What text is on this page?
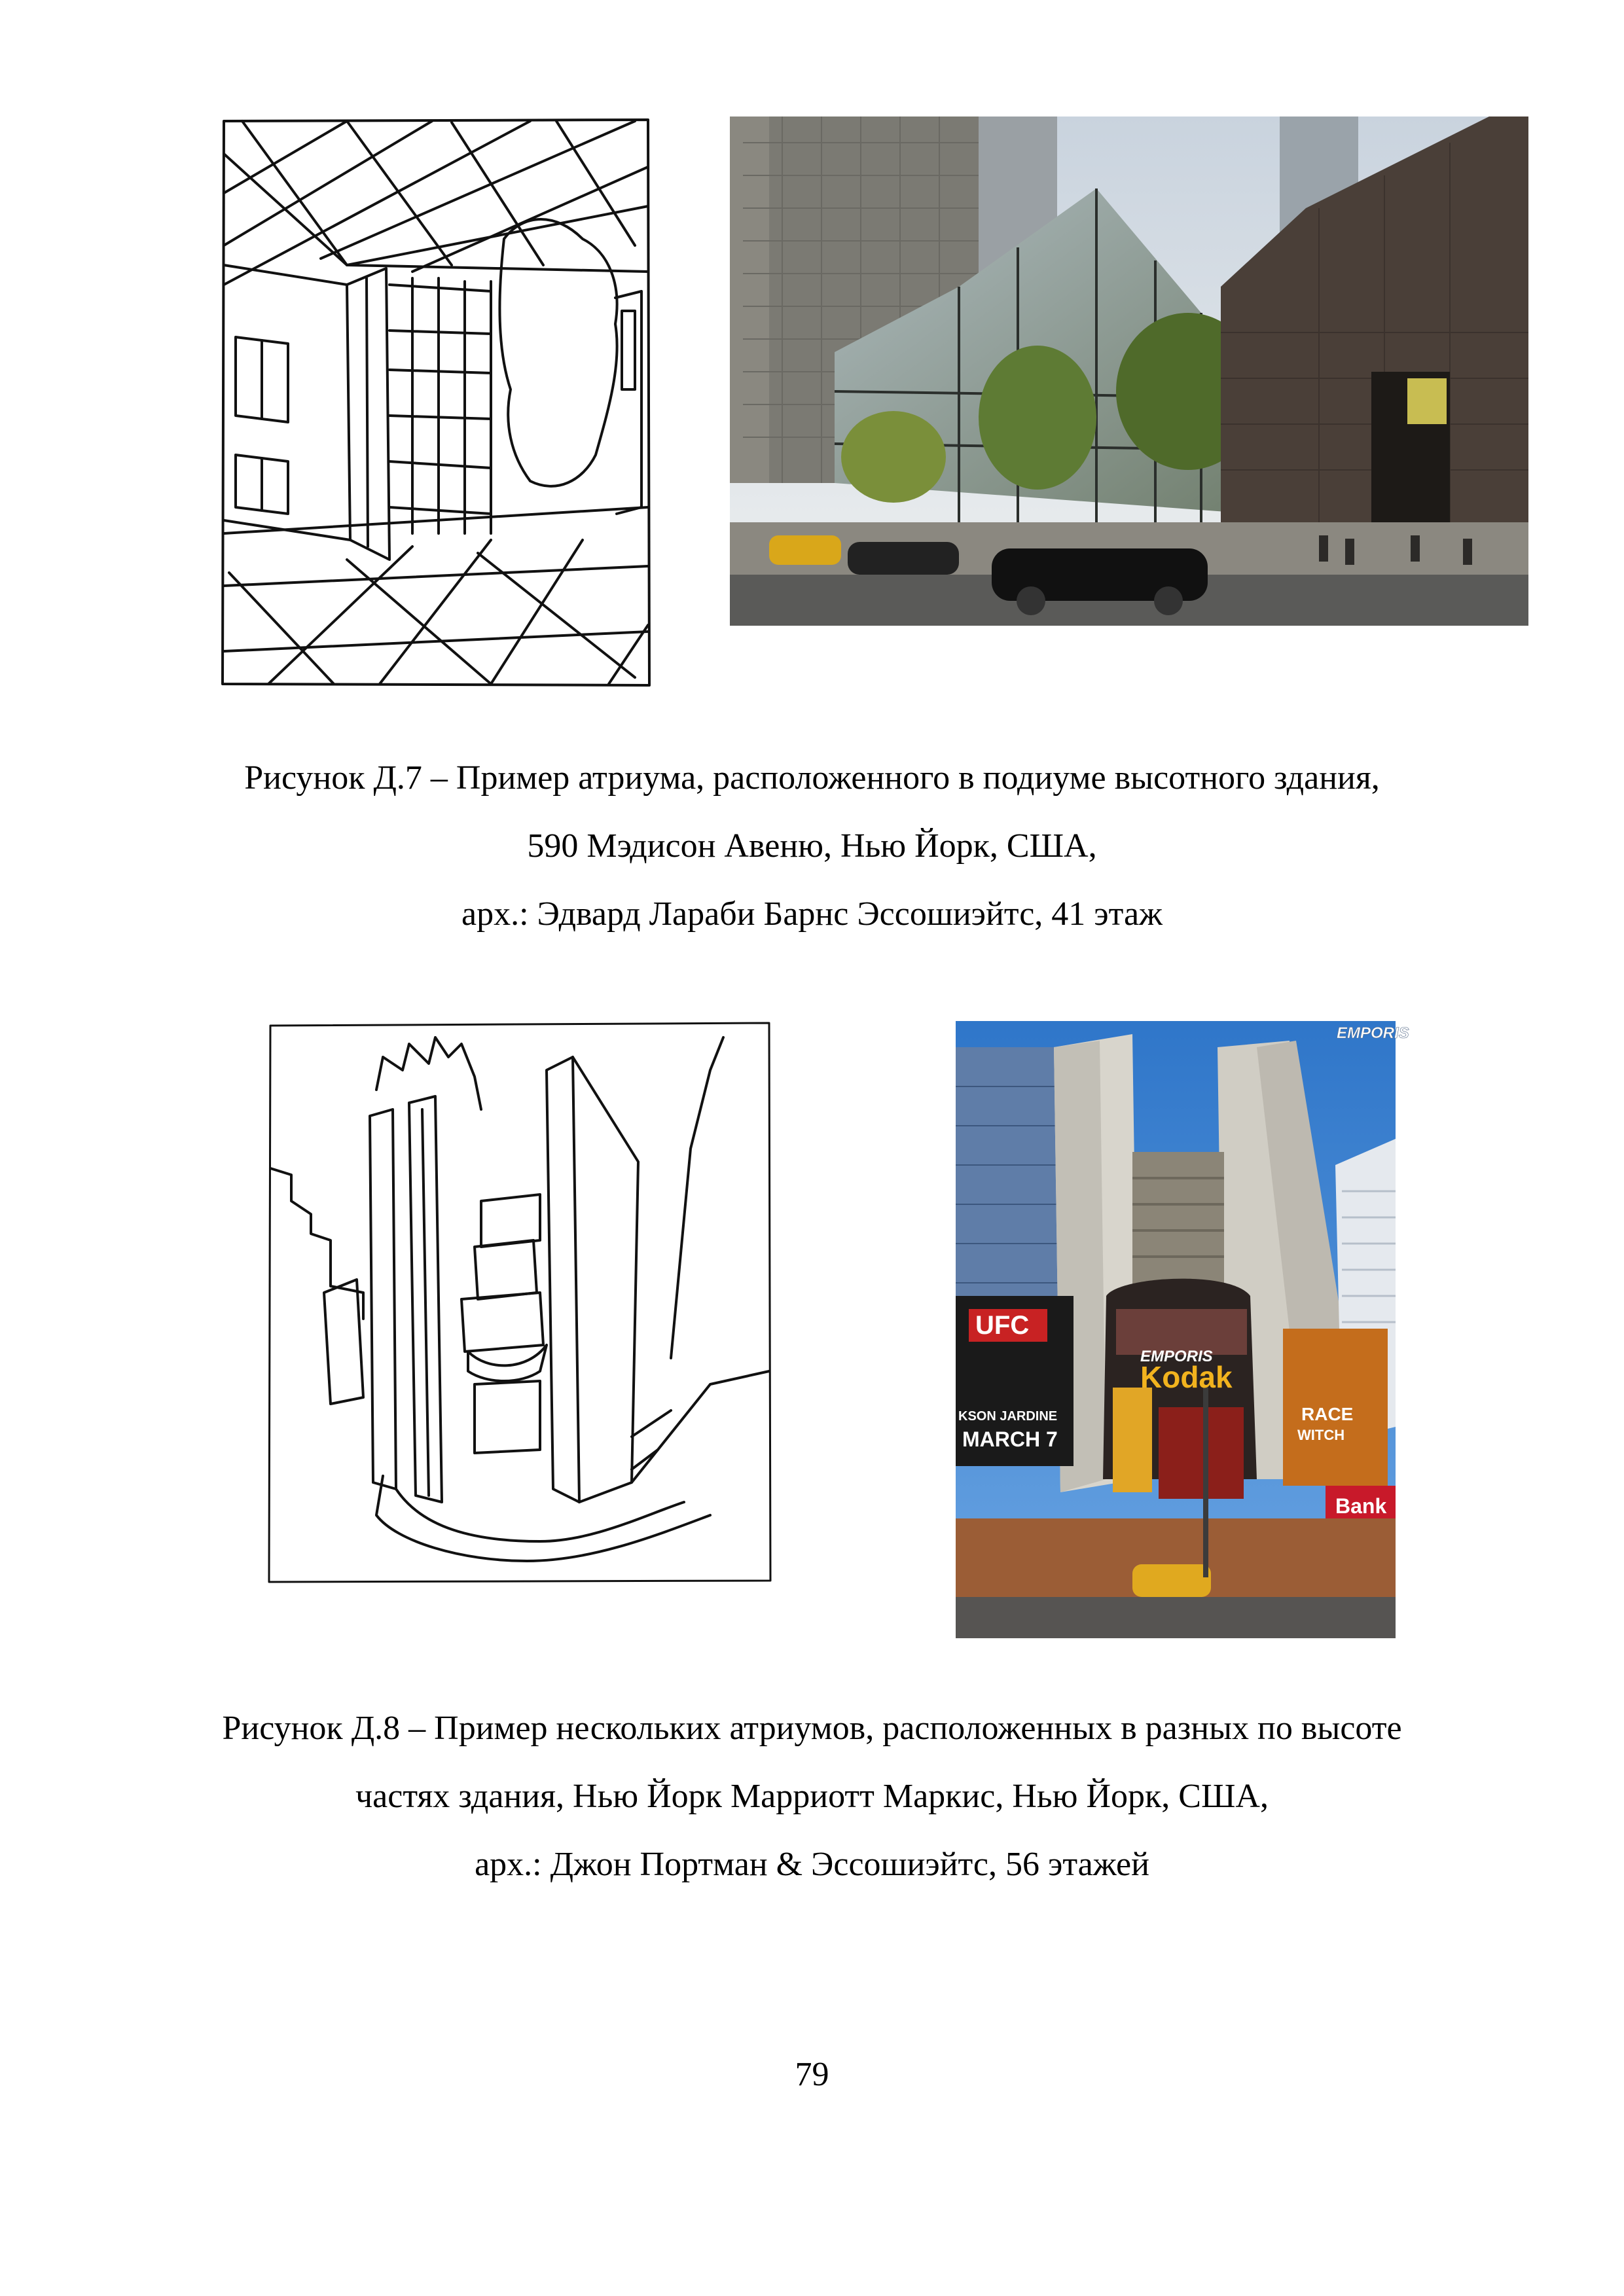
Рисунок Д.7 – Пример атриума, расположенного в подиуме высотного здания,
590 Мэдисон Авеню, Нью Йорк, США,
арх.: Эдвард Лараби Барнс Эссошиэйтс, 41 этаж
EMPORIS
UFC
KSON JARDINE
MARCH 7
Kodak
EMPORIS
RACE
WITCH
Bank
Рисунок Д.8 – Пример нескольких атриумов, расположенных в разных по высоте
частях здания, Нью Йорк Марриотт Маркис, Нью Йорк, США,
арх.: Джон Портман & Эссошиэйтс, 56 этажей
79
